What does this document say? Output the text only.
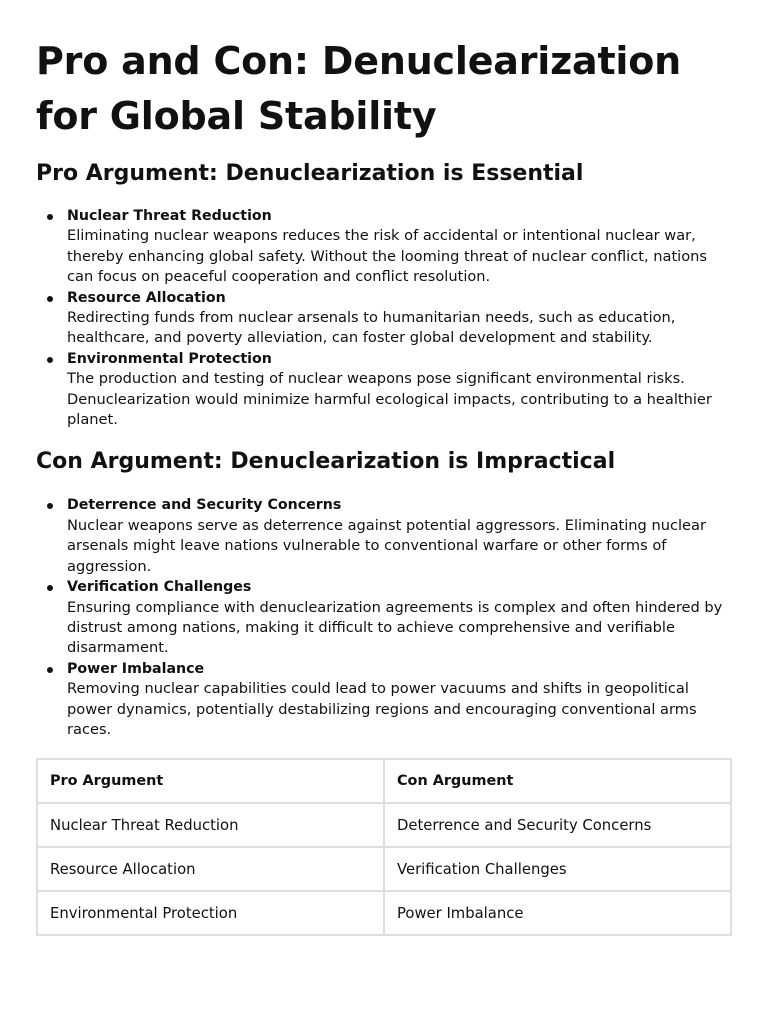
Pro and Con: Denuclearization for Global Stability
Pro Argument: Denuclearization is Essential
Nuclear Threat Reduction
Eliminating nuclear weapons reduces the risk of accidental or intentional nuclear war, thereby enhancing global safety. Without the looming threat of nuclear conflict, nations can focus on peaceful cooperation and conflict resolution.
Resource Allocation
Redirecting funds from nuclear arsenals to humanitarian needs, such as education, healthcare, and poverty alleviation, can foster global development and stability.
Environmental Protection
The production and testing of nuclear weapons pose significant environmental risks. Denuclearization would minimize harmful ecological impacts, contributing to a healthier planet.
Con Argument: Denuclearization is Impractical
Deterrence and Security Concerns
Nuclear weapons serve as deterrence against potential aggressors. Eliminating nuclear arsenals might leave nations vulnerable to conventional warfare or other forms of aggression.
Verification Challenges
Ensuring compliance with denuclearization agreements is complex and often hindered by distrust among nations, making it difficult to achieve comprehensive and verifiable disarmament.
Power Imbalance
Removing nuclear capabilities could lead to power vacuums and shifts in geopolitical power dynamics, potentially destabilizing regions and encouraging conventional arms races.
Pro Argument	Con Argument
Nuclear Threat Reduction	Deterrence and Security Concerns
Resource Allocation	Verification Challenges
Environmental Protection	Power Imbalance
